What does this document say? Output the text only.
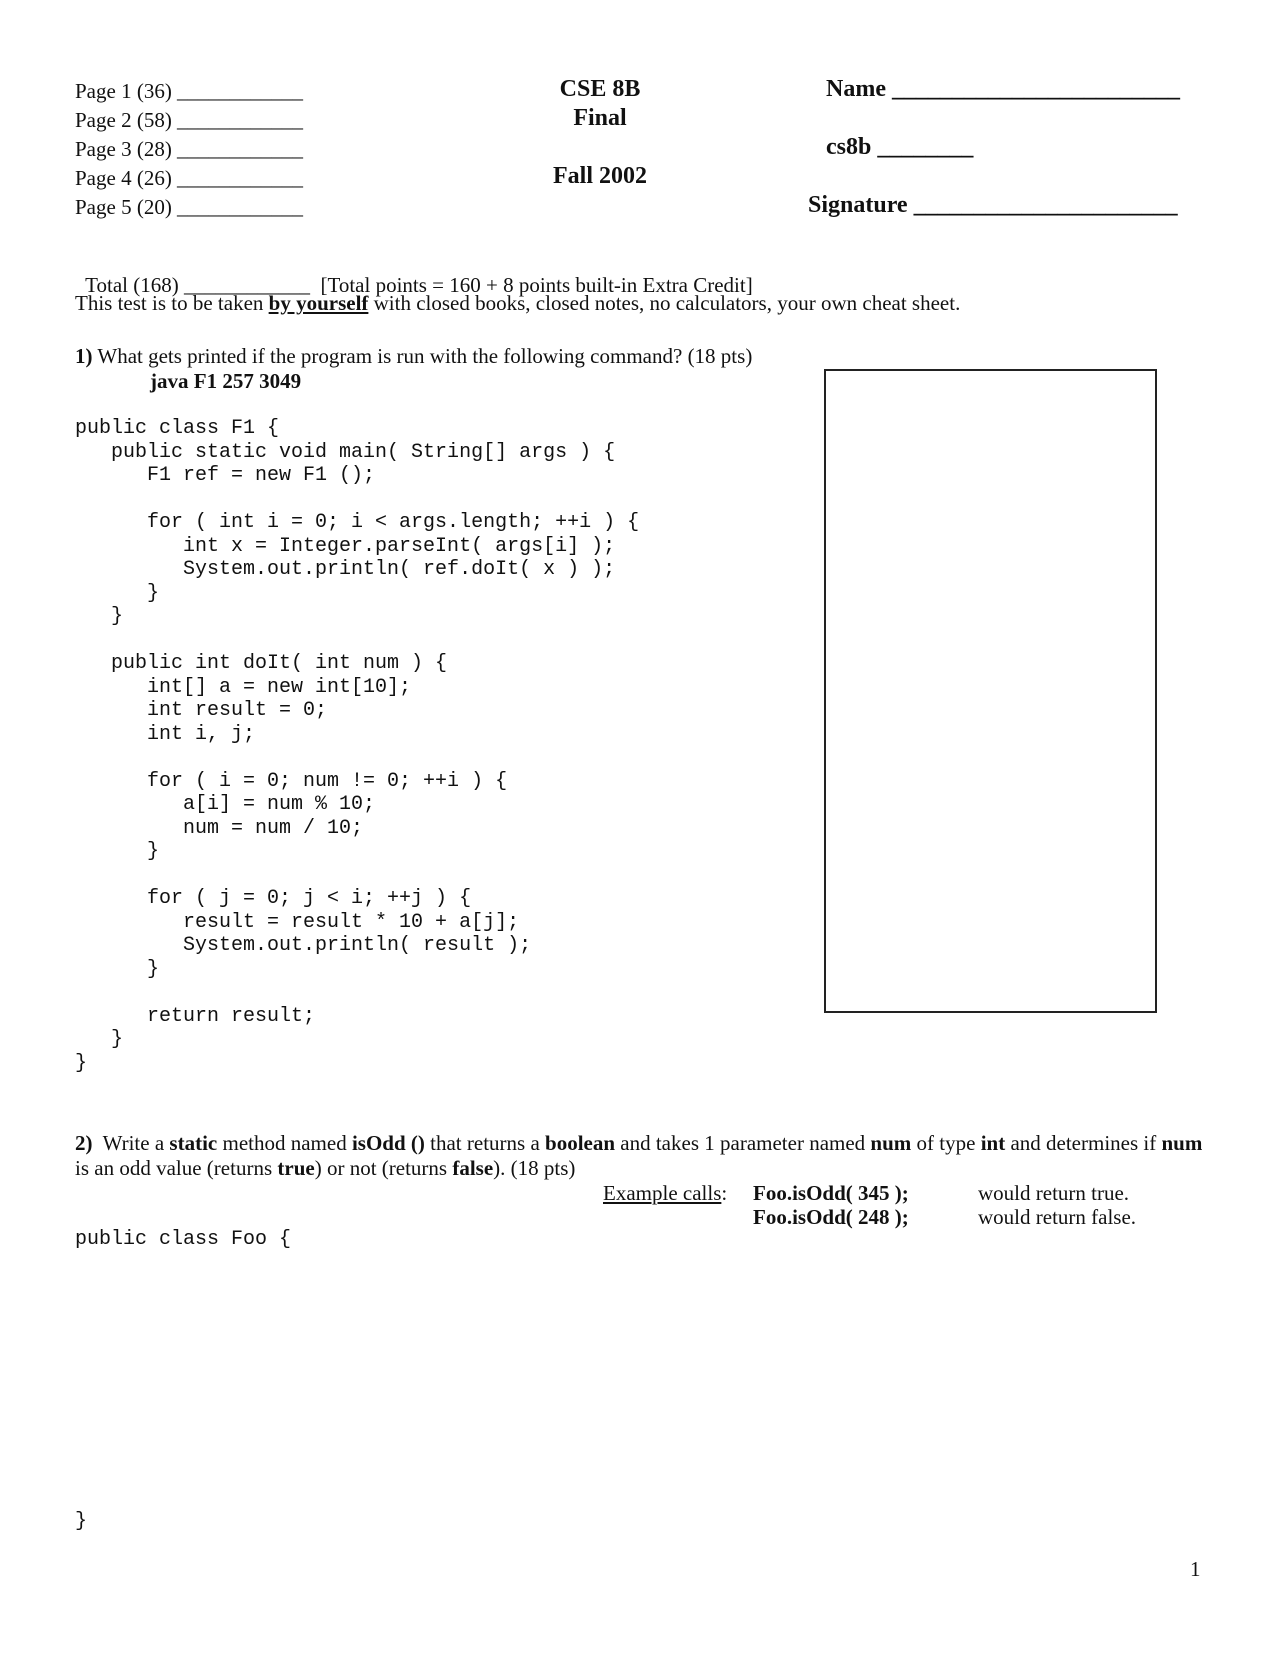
Page 1 (36) ____________
Page 2 (58) ____________
Page 3 (28) ____________
Page 4 (26) ____________
Page 5 (20) ____________
CSE 8B
Final
Fall 2002
Name ________________________
cs8b ________
Signature ______________________

Total (168) ____________ [Total points = 160 + 8 points built-in Extra Credit]

This test is to be taken by yourself with closed books, closed notes, no calculators, your own cheat sheet.
1) What gets printed if the program is run with the following command? (18 pts)
java F1 257 3049
public class F1 {
public static void main( String[] args ) {
F1 ref = new F1 ();

for ( int i = 0; i < args.length; ++i ) {
int x = Integer.parseInt( args[i] );
System.out.println( ref.doIt( x ) );
}
}

public int doIt( int num ) {
int[] a = new int[10];
int result = 0;
int i, j;

for ( i = 0; num != 0; ++i ) {
a[i] = num % 10;
num = num / 10;
}

for ( j = 0; j < i; ++j ) {
result = result * 10 + a[j];
System.out.println( result );
}

return result;
}
}
2)  Write a static method named isOdd () that returns a boolean and takes 1 parameter named num of type int and determines if num
is an odd value (returns true) or not (returns false). (18 pts)
Example calls: Foo.isOdd( 345 );	would return true.
Foo.isOdd( 248 );	would return false.
public class Foo {
}
1
